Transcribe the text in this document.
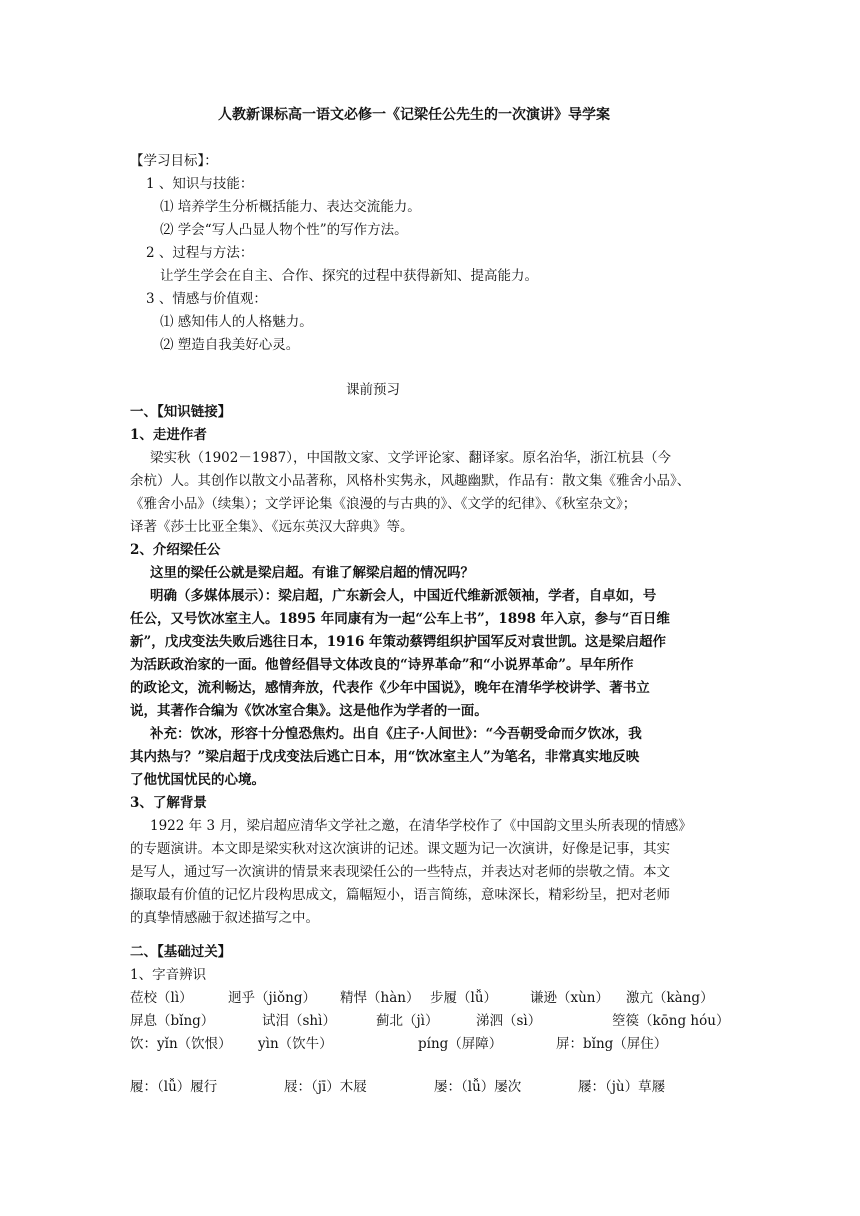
人教新课标高一语文必修一《记梁任公先生的一次演讲》导学案
【学习目标】：
1 、知识与技能：
⑴ 培养学生分析概括能力、表达交流能力。
⑵ 学会“写人凸显人物个性”的写作方法。
2 、过程与方法：
让学生学会在自主、合作、探究的过程中获得新知、提高能力。
3 、情感与价值观：
⑴ 感知伟人的人格魅力。
⑵ 塑造自我美好心灵。
课前预习
一、【知识链接】
1、走进作者
梁实秋（1902－1987），中国散文家、文学评论家、翻译家。原名治华，浙江杭县（今
余杭）人。其创作以散文小品著称，风格朴实隽永，风趣幽默，作品有：散文集《雅舍小品》、
《雅舍小品》（续集）；文学评论集《浪漫的与古典的》、《文学的纪律》、《秋室杂文》；
译著《莎士比亚全集》、《远东英汉大辞典》等。
2、介绍梁任公
这里的梁任公就是梁启超。有谁了解梁启超的情况吗？
明确（多媒体展示）：梁启超，广东新会人，中国近代维新派领袖，学者，自卓如，号
任公，又号饮冰室主人。1895 年同康有为一起“公车上书”，1898 年入京，参与“百日维
新”，戊戌变法失败后逃往日本，1916 年策动蔡锷组织护国军反对袁世凯。这是梁启超作
为活跃政治家的一面。他曾经倡导文体改良的“诗界革命”和“小说界革命”。早年所作
的政论文，流利畅达，感情奔放，代表作《少年中国说》，晚年在清华学校讲学、著书立
说，其著作合编为《饮冰室合集》。这是他作为学者的一面。
补充：饮冰，形容十分惶恐焦灼。出自《庄子·人间世》：“今吾朝受命而夕饮冰，我
其内热与？”梁启超于戊戌变法后逃亡日本，用“饮冰室主人”为笔名，非常真实地反映
了他忧国忧民的心境。
3、了解背景
1922 年 3 月，梁启超应清华文学社之邀，在清华学校作了《中国韵文里头所表现的情感》
的专题演讲。本文即是梁实秋对这次演讲的记述。课文题为记一次演讲，好像是记事，其实
是写人，通过写一次演讲的情景来表现梁任公的一些特点，并表达对老师的崇敬之情。本文
撷取最有价值的记忆片段构思成文，篇幅短小，语言简练，意味深长，精彩纷呈，把对老师
的真挚情感融于叙述描写之中。
二、【基础过关】
1、字音辨识
莅校（lì）	迥乎（jiǒng） 精悍（hàn） 步履（lǚ） 谦逊（xùn） 激亢（kàng）
屏息（bǐng）	试泪（shì）	蓟北（jì）	涕泗（sì）	箜篌（kōng hóu）
饮：yǐn（饮恨） yìn（饮牛）	píng（屏障）	屏：bǐng（屏住）
履：（lǚ）履行	屐：（jī）木屐	屡：（lǚ）屡次	屦：（jù）草屦
